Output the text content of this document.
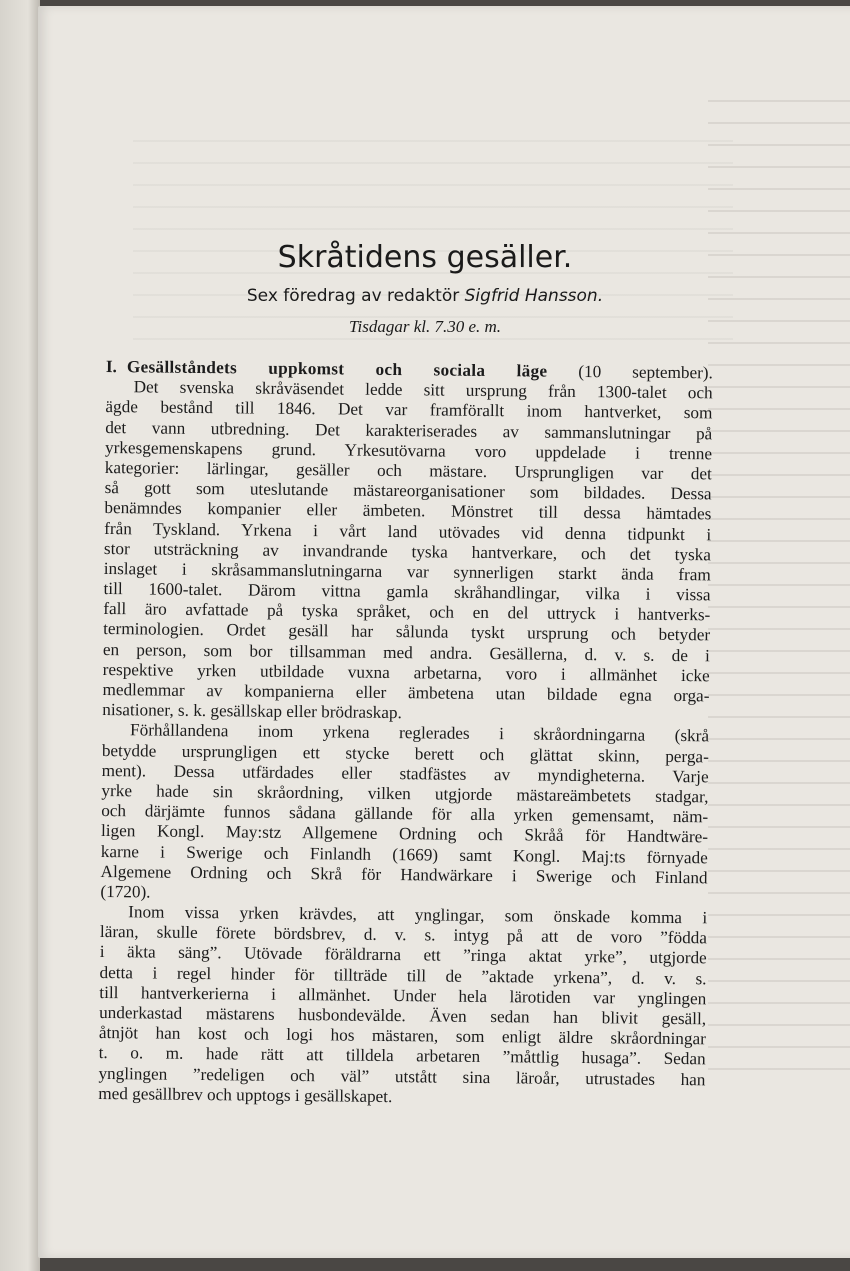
Skråtidens gesäller.

Sex föredrag av redaktör Sigfrid Hansson.

Tisdagar kl. 7.30 e. m.

I. Gesällståndets uppkomst och sociala läge (10 september).
Det svenska skråväsendet ledde sitt ursprung från 1300-talet och
ägde bestånd till 1846. Det var framförallt inom hantverket, som
det vann utbredning. Det karakteriserades av sammanslutningar på
yrkesgemenskapens grund. Yrkesutövarna voro uppdelade i trenne
kategorier: lärlingar, gesäller och mästare. Ursprungligen var det
så gott som uteslutande mästareorganisationer som bildades. Dessa
benämndes kompanier eller ämbeten. Mönstret till dessa hämtades
från Tyskland. Yrkena i vårt land utövades vid denna tidpunkt i
stor utsträckning av invandrande tyska hantverkare, och det tyska
inslaget i skråsammanslutningarna var synnerligen starkt ända fram
till 1600-talet. Därom vittna gamla skråhandlingar, vilka i vissa
fall äro avfattade på tyska språket, och en del uttryck i hantverks-
terminologien. Ordet gesäll har sålunda tyskt ursprung och betyder
en person, som bor tillsamman med andra. Gesällerna, d. v. s. de i
respektive yrken utbildade vuxna arbetarna, voro i allmänhet icke
medlemmar av kompanierna eller ämbetena utan bildade egna orga-
nisationer, s. k. gesällskap eller brödraskap.
Förhållandena inom yrkena reglerades i skråordningarna (skrå
betydde ursprungligen ett stycke berett och glättat skinn, perga-
ment). Dessa utfärdades eller stadfästes av myndigheterna. Varje
yrke hade sin skråordning, vilken utgjorde mästareämbetets stadgar,
och därjämte funnos sådana gällande för alla yrken gemensamt, näm-
ligen Kongl. May:stz Allgemene Ordning och Skråå för Handtwäre-
karne i Swerige och Finlandh (1669) samt Kongl. Maj:ts förnyade
Algemene Ordning och Skrå för Handwärkare i Swerige och Finland
(1720).
Inom vissa yrken krävdes, att ynglingar, som önskade komma i
läran, skulle förete bördsbrev, d. v. s. intyg på att de voro ”födda
i äkta säng”. Utövade föräldrarna ett ”ringa aktat yrke”, utgjorde
detta i regel hinder för tillträde till de ”aktade yrkena”, d. v. s.
till hantverkerierna i allmänhet. Under hela lärotiden var ynglingen
underkastad mästarens husbondevälde. Även sedan han blivit gesäll,
åtnjöt han kost och logi hos mästaren, som enligt äldre skråordningar
t. o. m. hade rätt att tilldela arbetaren ”måttlig husaga”. Sedan
ynglingen ”redeligen och väl” utstått sina läroår, utrustades han
med gesällbrev och upptogs i gesällskapet.
